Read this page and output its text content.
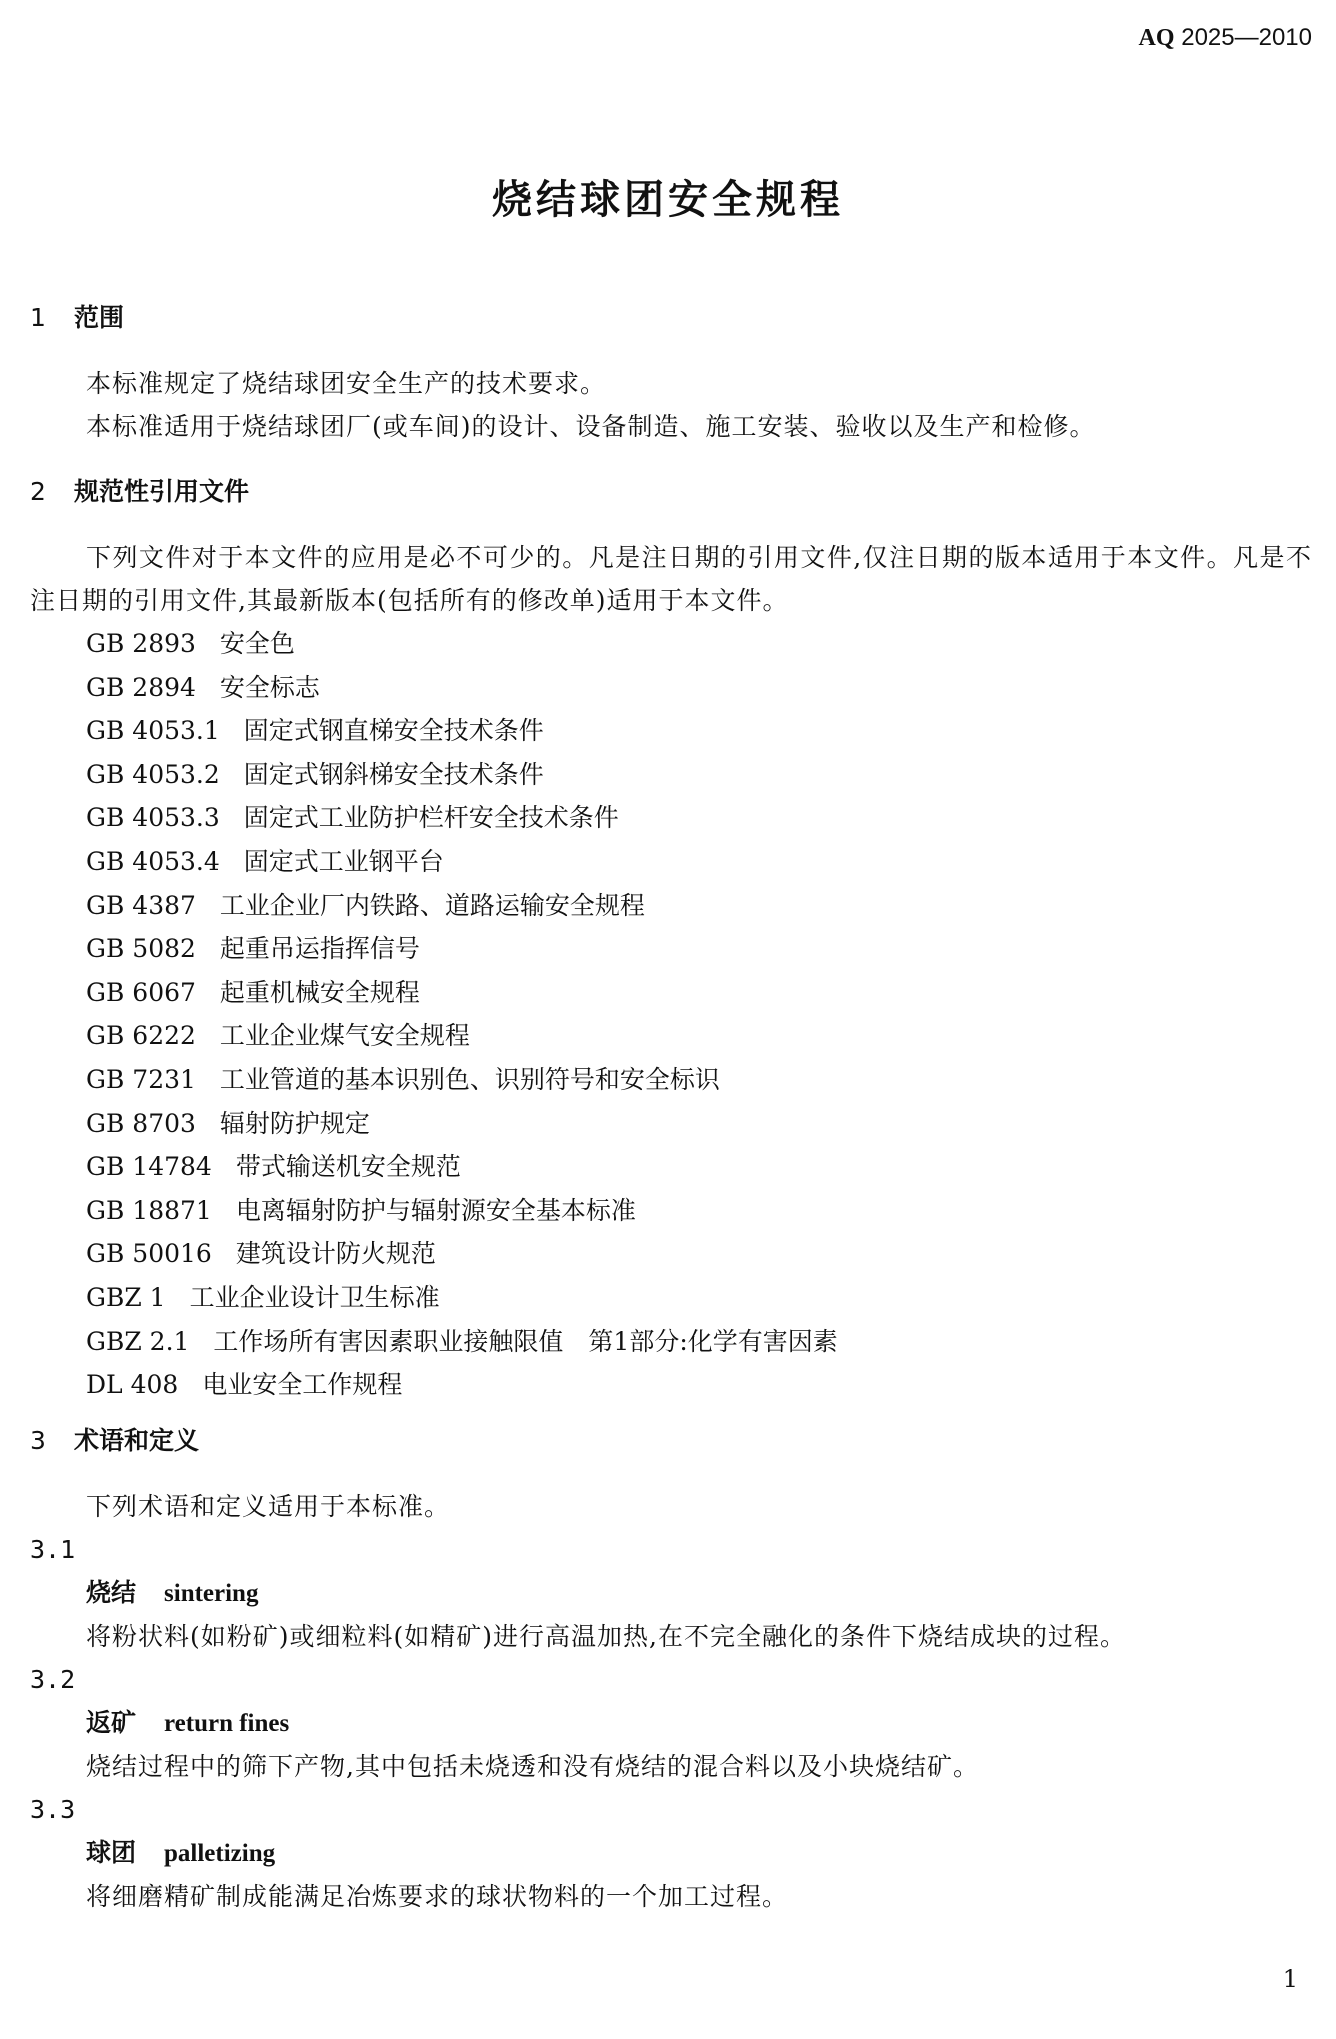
AQ 2025—2010
烧结球团安全规程
1 范围
本标准规定了烧结球团安全生产的技术要求。
本标准适用于烧结球团厂(或车间)的设计、设备制造、施工安装、验收以及生产和检修。
2 规范性引用文件
下列文件对于本文件的应用是必不可少的。凡是注日期的引用文件,仅注日期的版本适用于本文件。凡是不注日期的引用文件,其最新版本(包括所有的修改单)适用于本文件。
GB 2893 安全色
GB 2894 安全标志
GB 4053.1 固定式钢直梯安全技术条件
GB 4053.2 固定式钢斜梯安全技术条件
GB 4053.3 固定式工业防护栏杆安全技术条件
GB 4053.4 固定式工业钢平台
GB 4387 工业企业厂内铁路、道路运输安全规程
GB 5082 起重吊运指挥信号
GB 6067 起重机械安全规程
GB 6222 工业企业煤气安全规程
GB 7231 工业管道的基本识别色、识别符号和安全标识
GB 8703 辐射防护规定
GB 14784 带式输送机安全规范
GB 18871 电离辐射防护与辐射源安全基本标准
GB 50016 建筑设计防火规范
GBZ 1 工业企业设计卫生标准
GBZ 2.1 工作场所有害因素职业接触限值　第1部分:化学有害因素
DL 408 电业安全工作规程
3 术语和定义
下列术语和定义适用于本标准。
3.1
烧结 sintering
将粉状料(如粉矿)或细粒料(如精矿)进行高温加热,在不完全融化的条件下烧结成块的过程。
3.2
返矿 return fines
烧结过程中的筛下产物,其中包括未烧透和没有烧结的混合料以及小块烧结矿。
3.3
球团 palletizing
将细磨精矿制成能满足冶炼要求的球状物料的一个加工过程。
1
